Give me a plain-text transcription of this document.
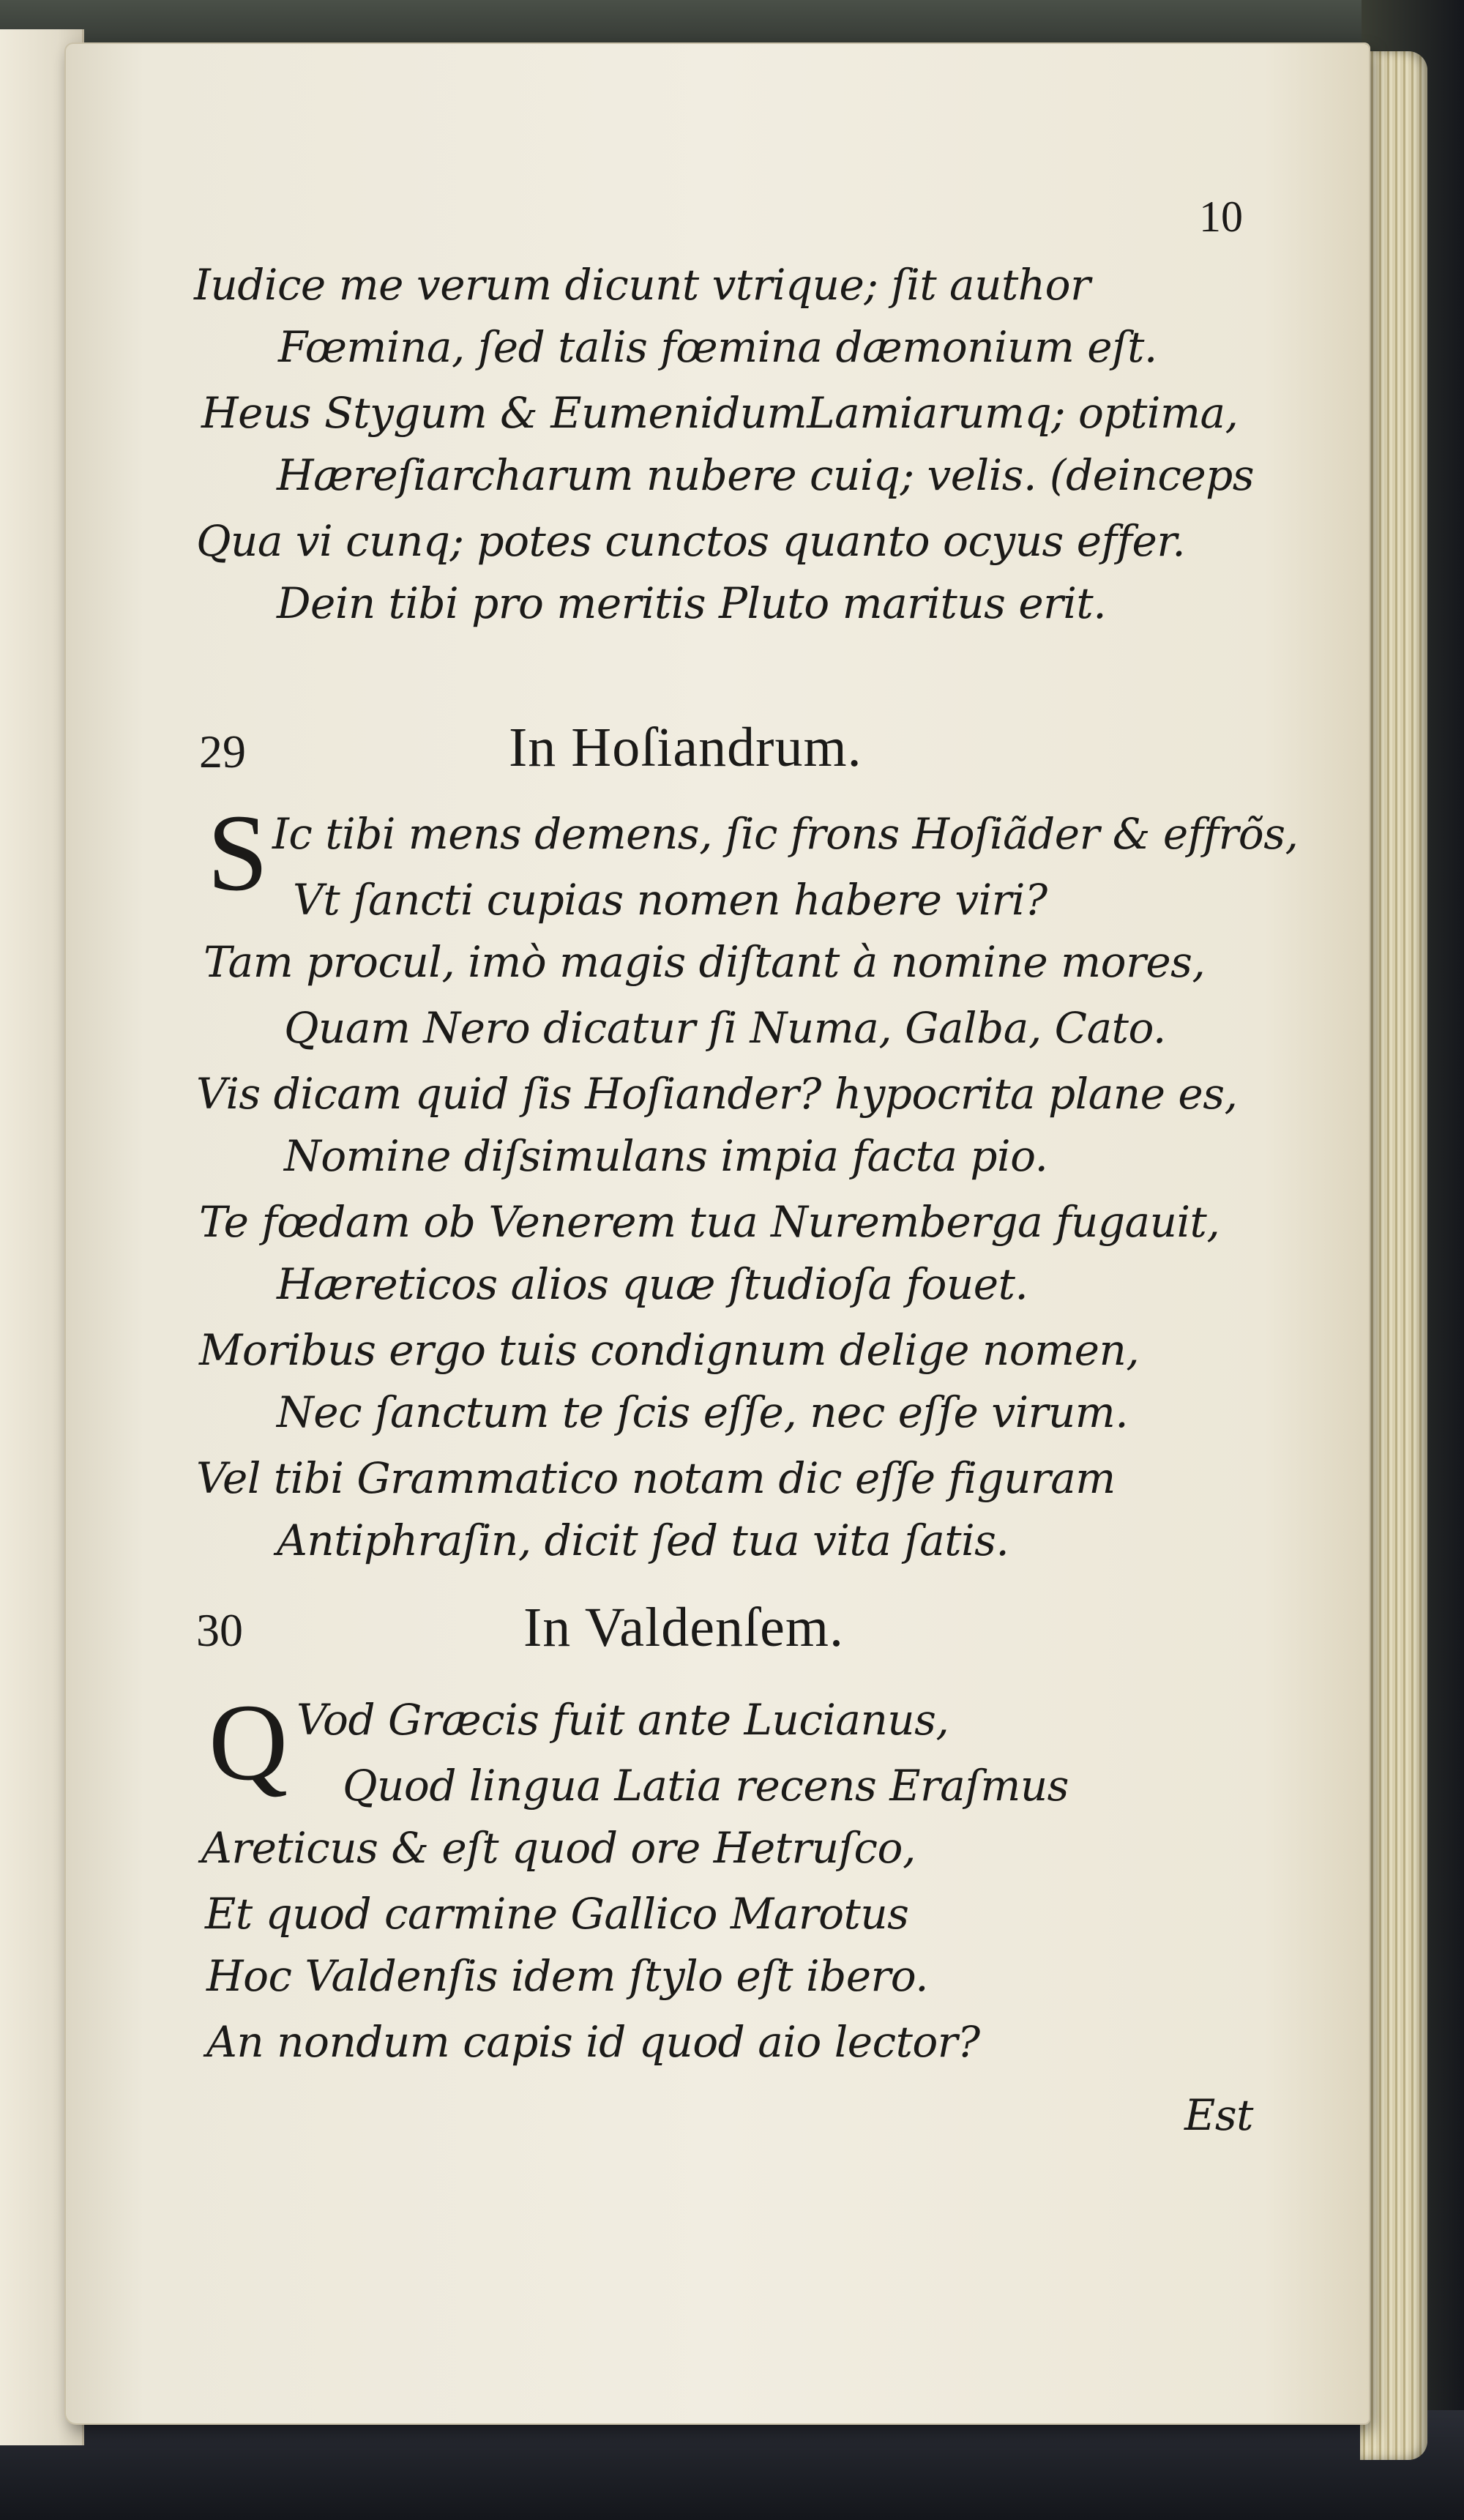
10
Iudice me verum dicunt vtrique; ſit author
Fœmina, ſed talis fœmina dæmonium eſt.
Heus Stygum & EumenidumLamiarumq; optima,
Hæreſiarcharum nubere cuiq; velis. (deinceps
Qua vi cunq; potes cunctos quanto ocyus effer.
Dein tibi pro meritis Pluto maritus erit.
29	In Hoſiandrum.
S Ic tibi mens demens, ſic frons Hoſiãder & effrõs,
Vt ſancti cupias nomen habere viri?
Tam procul, imò magis diſtant à nomine mores,
Quam Nero dicatur ſi Numa, Galba, Cato.
Vis dicam quid ſis Hoſiander? hypocrita plane es,
Nomine diſsimulans impia facta pio.
Te fœdam ob Venerem tua Nuremberga fugauit,
Hæreticos alios quæ ſtudioſa fouet.
Moribus ergo tuis condignum delige nomen,
Nec ſanctum te ſcis eſſe, nec eſſe virum.
Vel tibi Grammatico notam dic eſſe figuram
Antiphraſin, dicit ſed tua vita ſatis.
30	In Valdenſem.
Q Vod Græcis fuit ante Lucianus,
Quod lingua Latia recens Eraſmus
Areticus & eſt quod ore Hetruſco,
Et quod carmine Gallico Marotus
Hoc Valdenſis idem ſtylo eſt ibero.
An nondum capis id quod aio lector?
Est
